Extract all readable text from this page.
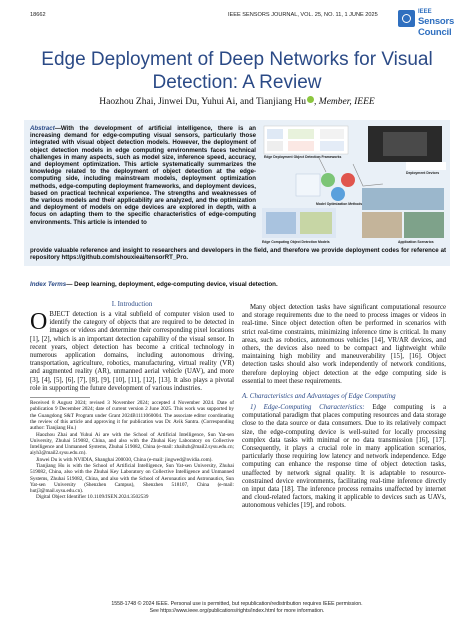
18662	IEEE SENSORS JOURNAL, VOL. 25, NO. 11, 1 JUNE 2025	IEEE
Sensors Council
Edge Deployment of Deep Networks for Visual Detection: A Review
Haozhou Zhai, Jinwei Du, Yuhui Ai, and Tianjiang Hu , Member, IEEE
Abstract—With the development of artificial intelligence, there is an increasing demand for edge-computing visual sensors, particularly those integrated with visual object detection models. However, the deployment of object detection models in edge computing environments faces technical challenges in many aspects, such as model size, inference speed, accuracy, and deployment optimization. This article systematically summarizes the knowledge related to the deployment of object detection at the edge-computing side, including mainstream models, deployment optimization methods, edge-computing deployment frameworks, and deployment devices, based on practical technical experience. The strengths and weaknesses of the various models and their applicability are analyzed, and the optimization and deployment of models on edge devices are explored in depth, with a focus on adapting them to the specific characteristics of edge-computing environments. This article is intended to
provide valuable reference and insight to researchers and developers in the field, and therefore we provide deployment codes for reference at repository https://github.com/shouxieai/tensorRT_Pro.
Edge Deployment Object Detection Frameworks
Deployment Devices
Model Optimization Methods
Edge Computing Object Detection Models	Application Scenarios
Index Terms— Deep learning, deployment, edge-computing device, visual detection.
I. Introduction
OBJECT detection is a vital subfield of computer vision used to identify the category of objects that are required to be detected in images or videos and determine their corresponding pixel locations [1], [2], which is an important detection capability of the visual sensor. In recent years, object detection has become a critical technology in numerous application domains, including autonomous driving, transportation, agriculture, robotics, manufacturing, virtual reality (VR) and augmented reality (AR), unmanned aerial vehicle (UAV), and more [3], [4], [5], [6], [7], [8], [9], [10], [11], [12], [13]. It also plays a pivotal role in supporting the future development of various industries.
Received 8 August 2024; revised 3 November 2024; accepted 4 November 2024. Date of publication 9 December 2024; date of current version 2 June 2025. This work was supported by the Guangdong S&T Program under Grant 2024B1111060004. The associate editor coordinating the review of this article and approving it for publication was Dr. Avik Santra. (Corresponding author: Tianjiang Hu.)
Haozhou Zhai and Yuhui Ai are with the School of Artificial Intelligence, Sun Yat-sen University, Zhuhai 519082, China, and also with the Zhuhai Key Laboratory on Collective Intelligence and Unmanned Systems, Zhuhai 519082, China (e-mail: zhaihzh@mail2.sysu.edu.cn; aiyh3@mail2.sysu.edu.cn).
Jinwei Du is with NVIDIA, Shanghai 200030, China (e-mail: jingwed@nvidia.com).
Tianjiang Hu is with the School of Artificial Intelligence, Sun Yat-sen University, Zhuhai 519082, China, also with the Zhuhai Key Laboratory on Collective Intelligence and Unmanned Systems, Zhuhai 519082, China, and also with the School of Aeronautics and Astronautics, Sun Yat-sen University (Shenzhen Campus), Shenzhen 518107, China (e-mail: hutj3@mail.sysu.edu.cn).
Digital Object Identifier 10.1109/JSEN.2024.3502539
Many object detection tasks have significant computational resource and storage requirements due to the need to process images or videos in real-time. Since object detection often be performed in scenarios with strict real-time constraints, minimizing inference time is critical. In many areas, such as robotics, autonomous vehicles [14], VR/AR devices, and others, the devices also need to be compact and lightweight while maintaining high mobility and maneuverability [15], [16]. Object detection tasks should also work independently of network conditions, therefore deploying object detection at the edge computing side is essential to meet these requirements.
A. Characteristics and Advantages of Edge Computing
1) Edge-Computing Characteristics: Edge computing is a computational paradigm that places computing resources and data storage close to the data source or data consumers. Due to its relatively compact size, the edge-computing device is well-suited for locally processing complex data tasks with minimal or no data transmission [16], [17]. Consequently, it plays a crucial role in many application scenarios, particularly those requiring low latency and network independence. Edge computing can enhance the response time of object detection tasks, unaffected by network signal quality. It is adaptable to resource-constrained device environments, facilitating real-time inference directly on input data [18]. The inference process remains unaffected by internet and cloud-related factors, making it applicable to devices such as UAVs, autonomous vehicles [19], and robots.
1558-1748 © 2024 IEEE. Personal use is permitted, but republication/redistribution requires IEEE permission.
See https://www.ieee.org/publications/rights/index.html for more information.
